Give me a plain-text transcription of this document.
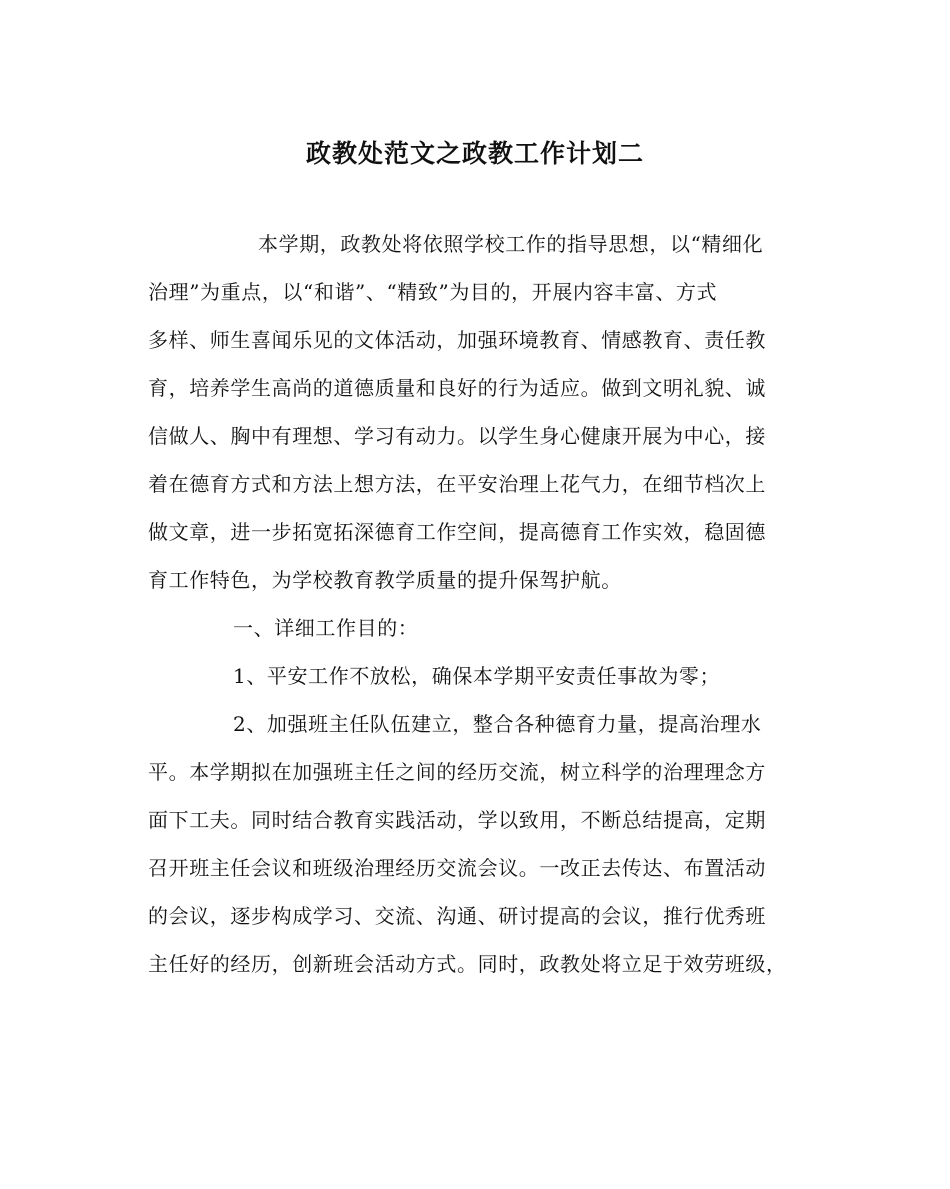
政教处范文之政教工作计划二
本学期，政教处将依照学校工作的指导思想，以“精细化
治理”为重点，以“和谐”、“精致”为目的，开展内容丰富、方式
多样、师生喜闻乐见的文体活动，加强环境教育、情感教育、责任教
育，培养学生高尚的道德质量和良好的行为适应。做到文明礼貌、诚
信做人、胸中有理想、学习有动力。以学生身心健康开展为中心，接
着在德育方式和方法上想方法，在平安治理上花气力，在细节档次上
做文章，进一步拓宽拓深德育工作空间，提高德育工作实效，稳固德
育工作特色，为学校教育教学质量的提升保驾护航。
一、详细工作目的：
1、平安工作不放松，确保本学期平安责任事故为零；
2、加强班主任队伍建立，整合各种德育力量，提高治理水
平。本学期拟在加强班主任之间的经历交流，树立科学的治理理念方
面下工夫。同时结合教育实践活动，学以致用，不断总结提高，定期
召开班主任会议和班级治理经历交流会议。一改正去传达、布置活动
的会议，逐步构成学习、交流、沟通、研讨提高的会议，推行优秀班
主任好的经历，创新班会活动方式。同时，政教处将立足于效劳班级，
